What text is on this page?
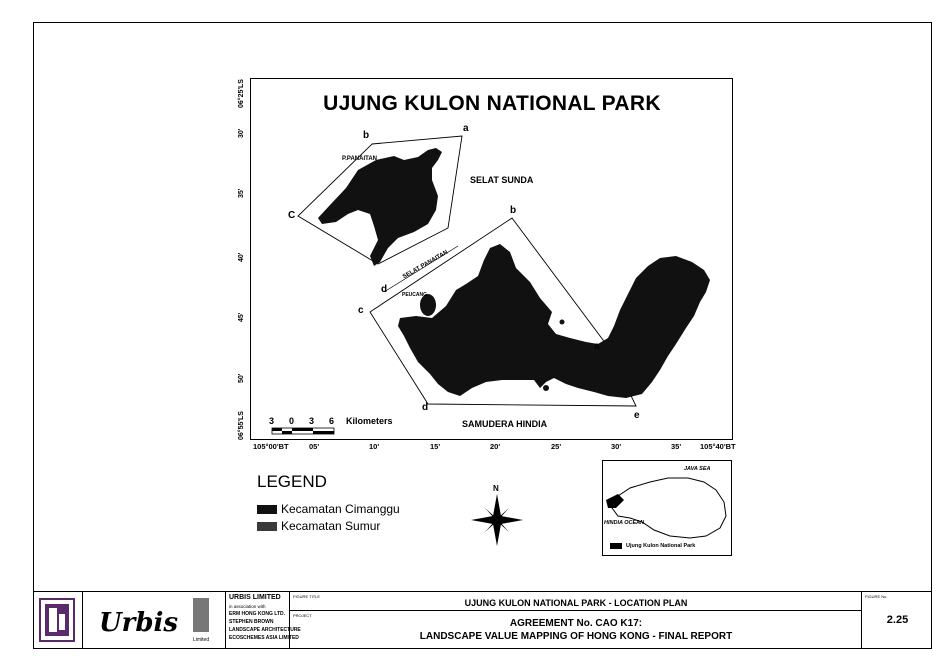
UJUNG KULON NATIONAL PARK
06°25'LS
30'
35'
40'
45'
50'
06°55'LS
105°00'BT	05'	10'	15'	20'	25'	30'	35'	105°40'BT
P.PANAITAN
SELAT SUNDA
SELAT PANAITAN
PEUCANG
SAMUDERA HINDIA
b
a
C
d
b
a
c
d
e
3 0 3 6 Kilometers
LEGEND
Kecamatan Cimanggu
Kecamatan Sumur
N
JAVA SEA
HINDIA OCEAN
Ujung Kulon National Park
Urbis
Limited
URBIS LIMITED
in association with
ERM HONG KONG LTD.
STEPHEN BROWN
LANDSCAPE ARCHITECTURE
ECOSCHEMES ASIA LIMITED
FIGURE TITLE
UJUNG KULON NATIONAL PARK - LOCATION PLAN
PROJECT
AGREEMENT No. CAO K17:
LANDSCAPE VALUE MAPPING OF HONG KONG - FINAL REPORT
FIGURE No.
2.25
